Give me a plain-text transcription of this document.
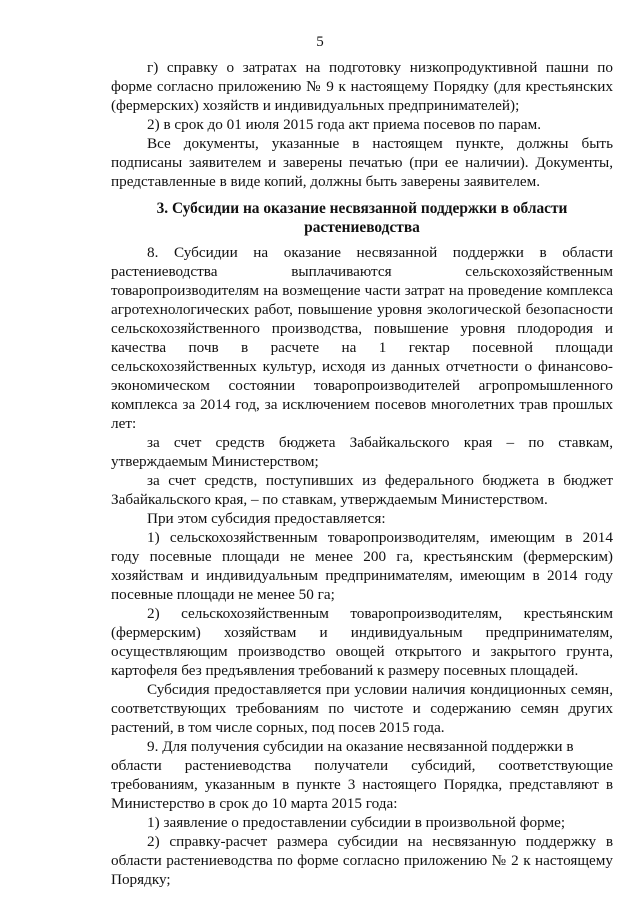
5

г) справку о затратах на подготовку низкопродуктивной пашни по форме согласно приложению № 9 к настоящему Порядку (для крестьянских (фермерских) хозяйств и индивидуальных предпринимателей);

2) в срок до 01 июля 2015 года акт приема посевов по парам.

Все документы, указанные в настоящем пункте, должны быть подписаны заявителем и заверены печатью (при ее наличии). Документы, представленные в виде копий, должны быть заверены заявителем.

3. Субсидии на оказание несвязанной поддержки в области
растениеводства
8. Субсидии на оказание несвязанной поддержки в области
растениеводства	выплачиваются	сельскохозяйственным

товаропроизводителям на возмещение части затрат на проведение комплекса агротехнологических работ, повышение уровня экологической безопасности сельскохозяйственного производства, повышение уровня плодородия и качества почв в расчете на 1 гектар посевной площади сельскохозяйственных культур, исходя из данных отчетности о финансово-экономическом состоянии товаропроизводителей агропромышленного комплекса за 2014 год, за исключением посевов многолетних трав прошлых лет:

за счет средств бюджета Забайкальского края – по ставкам, утверждаемым Министерством;

за счет средств, поступивших из федерального бюджета в бюджет Забайкальского края, – по ставкам, утверждаемым Министерством.

При этом субсидия предоставляется:

1) сельскохозяйственным товаропроизводителям, имеющим в 2014 году посевные площади не менее 200 га, крестьянским (фермерским) хозяйствам и индивидуальным предпринимателям, имеющим в 2014 году посевные площади не менее 50 га;

2) сельскохозяйственным товаропроизводителям, крестьянским
(фермерским) хозяйствам и индивидуальным предпринимателям,

осуществляющим производство овощей открытого и закрытого грунта, картофеля без предъявления требований к размеру посевных площадей.

Субсидия предоставляется при условии наличия кондиционных семян, соответствующих требованиям по чистоте и содержанию семян других растений, в том числе сорных, под посев 2015 года.

9. Для получения субсидии на оказание несвязанной поддержки в

области растениеводства получатели субсидий, соответствующие

требованиям, указанным в пункте 3 настоящего Порядка, представляют в Министерство в срок до 10 марта 2015 года:

1) заявление о предоставлении субсидии в произвольной форме;

2) справку-расчет размера субсидии на несвязанную поддержку в области растениеводства по форме согласно приложению № 2 к настоящему Порядку;
